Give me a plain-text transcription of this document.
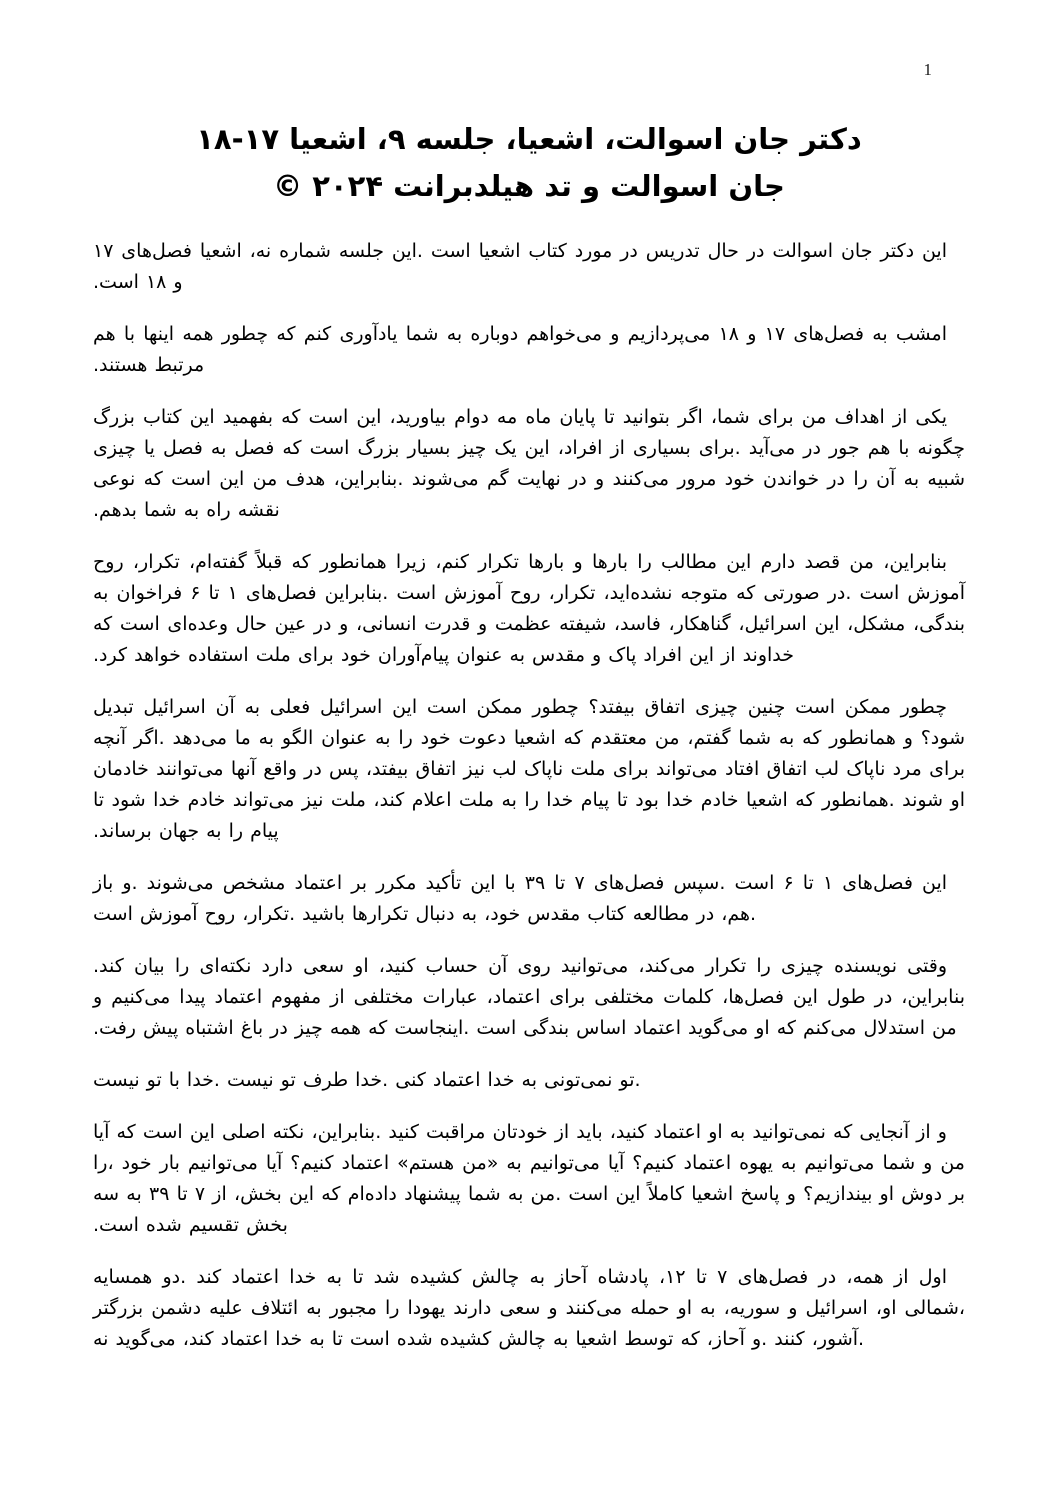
1
دکتر جان اسوالت، اشعیا، جلسه ۹، اشعیا ۱۷-۱۸
جان اسوالت و تد هیلدبرانت ۲۰۲۴ ©

این دکتر جان اسوالت در حال تدریس در مورد کتاب اشعیا است .این جلسه شماره نه، اشعیا فصل‌های ۱۷ و ۱۸ است.

امشب به فصل‌های ۱۷ و ۱۸ می‌پردازیم و می‌خواهم دوباره به شما یادآوری کنم که چطور همه اینها با هم مرتبط هستند.

یکی از اهداف من برای شما، اگر بتوانید تا پایان ماه مه دوام بیاورید، این است که بفهمید این کتاب بزرگ چگونه با هم جور در می‌آید .برای بسیاری از افراد، این یک چیز بسیار بزرگ است که فصل به فصل یا چیزی شبیه به آن را در خواندن خود مرور می‌کنند و در نهایت گم می‌شوند .بنابراین، هدف من این است که نوعی نقشه راه به شما بدهم.

بنابراین، من قصد دارم این مطالب را بارها و بارها تکرار کنم، زیرا همانطور که قبلاً گفته‌ام، تکرار، روح آموزش است .در صورتی که متوجه نشده‌اید، تکرار، روح آموزش است .بنابراین فصل‌های ۱ تا ۶ فراخوان به بندگی، مشکل، این اسرائیل، گناهکار، فاسد، شیفته عظمت و قدرت انسانی، و در عین حال وعده‌ای است که خداوند از این افراد پاک و مقدس به عنوان پیام‌آوران خود برای ملت استفاده خواهد کرد.

چطور ممکن است چنین چیزی اتفاق بیفتد؟ چطور ممکن است این اسرائیل فعلی به آن اسرائیل تبدیل شود؟ و همانطور که به شما گفتم، من معتقدم که اشعیا دعوت خود را به عنوان الگو به ما می‌دهد .اگر آنچه برای مرد ناپاک لب اتفاق افتاد می‌تواند برای ملت ناپاک لب نیز اتفاق بیفتد، پس در واقع آنها می‌توانند خادمان او شوند .همانطور که اشعیا خادم خدا بود تا پیام خدا را به ملت اعلام کند، ملت نیز می‌تواند خادم خدا شود تا پیام را به جهان برساند.

این فصل‌های ۱ تا ۶ است .سپس فصل‌های ۷ تا ۳۹ با این تأکید مکرر بر اعتماد مشخص می‌شوند .و باز .هم، در مطالعه کتاب مقدس خود، به دنبال تکرارها باشید .تکرار، روح آموزش است

وقتی نویسنده چیزی را تکرار می‌کند، می‌توانید روی آن حساب کنید، او سعی دارد نکته‌ای را بیان کند. بنابراین، در طول این فصل‌ها، کلمات مختلفی برای اعتماد، عبارات مختلفی از مفهوم اعتماد پیدا می‌کنیم و من استدلال می‌کنم که او می‌گوید اعتماد اساس بندگی است .اینجاست که همه چیز در باغ اشتباه پیش رفت.

.تو نمی‌تونی به خدا اعتماد کنی .خدا طرف تو نیست .خدا با تو نیست

و از آنجایی که نمی‌توانید به او اعتماد کنید، باید از خودتان مراقبت کنید .بنابراین، نکته اصلی این است که آیا من و شما می‌توانیم به یهوه اعتماد کنیم؟ آیا می‌توانیم به «من هستم» اعتماد کنیم؟ آیا می‌توانیم بار خود ،را بر دوش او بیندازیم؟ و پاسخ اشعیا کاملاً این است .من به شما پیشنهاد داده‌ام که این بخش، از ۷ تا ۳۹ به سه بخش تقسیم شده است.

اول از همه، در فصل‌های ۷ تا ۱۲، پادشاه آحاز به چالش کشیده شد تا به خدا اعتماد کند .دو همسایه ،شمالی او، اسرائیل و سوریه، به او حمله می‌کنند و سعی دارند یهودا را مجبور به ائتلاف علیه دشمن بزرگتر .آشور، کنند .و آحاز، که توسط اشعیا به چالش کشیده شده است تا به خدا اعتماد کند، می‌گوید نه
